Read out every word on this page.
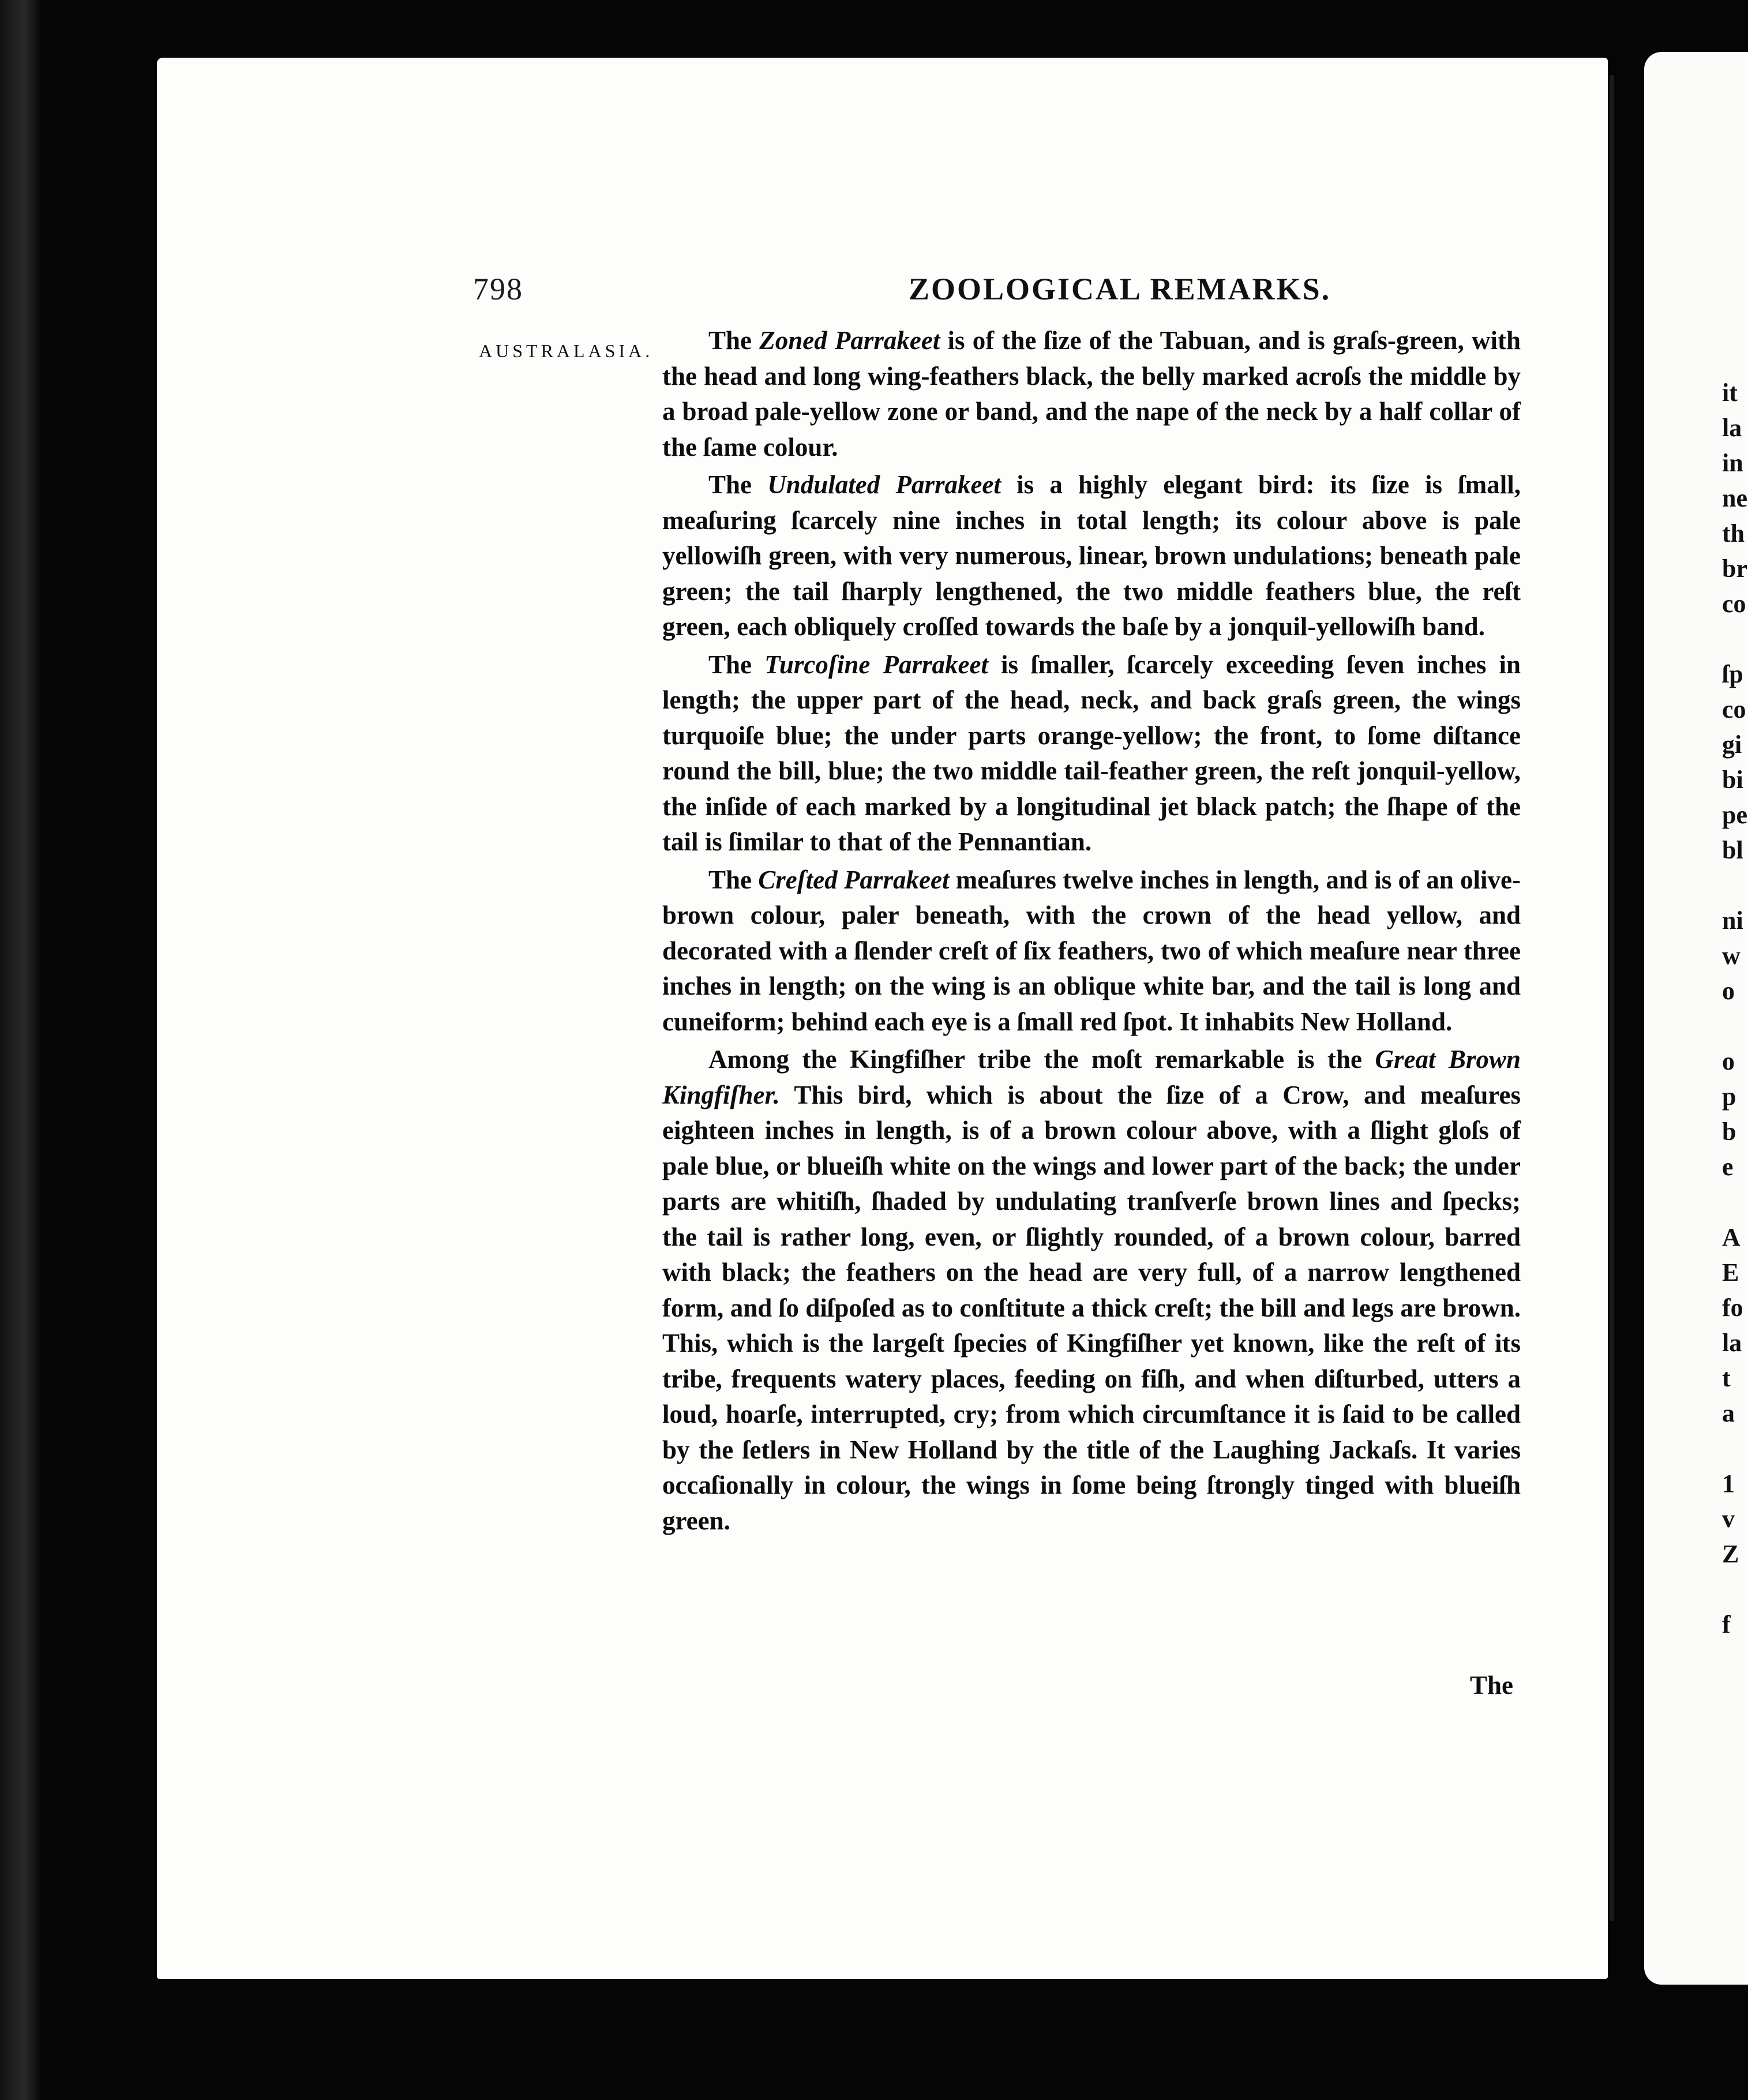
798	ZOOLOGICAL REMARKS.
AUSTRALASIA.	The Zoned Parrakeet is of the ſize of the Tabuan, and is graſs-green, with the head and long wing-feathers black, the belly marked acroſs the middle by a broad pale-yellow zone or band, and the nape of the neck by a half collar of the ſame colour.

The Undulated Parrakeet is a highly elegant bird: its ſize is ſmall, meaſuring ſcarcely nine inches in total length; its colour above is pale yellowiſh green, with very numerous, linear, brown undulations; beneath pale green; the tail ſharply lengthened, the two middle feathers blue, the reſt green, each obliquely croſſed towards the baſe by a jonquil-yellowiſh band.

The Turcoſine Parrakeet is ſmaller, ſcarcely exceeding ſeven inches in length; the upper part of the head, neck, and back graſs green, the wings turquoiſe blue; the under parts orange-yellow; the front, to ſome diſtance round the bill, blue; the two middle tail-feather green, the reſt jonquil-yellow, the inſide of each marked by a longitudinal jet black patch; the ſhape of the tail is ſimilar to that of the Pennantian.

The Creſted Parrakeet meaſures twelve inches in length, and is of an olive-brown colour, paler beneath, with the crown of the head yellow, and decorated with a ſlender creſt of ſix feathers, two of which meaſure near three inches in length; on the wing is an oblique white bar, and the tail is long and cuneiform; behind each eye is a ſmall red ſpot. It inhabits New Holland.

Among the Kingfiſher tribe the moſt remarkable is the Great Brown Kingfiſher. This bird, which is about the ſize of a Crow, and meaſures eighteen inches in length, is of a brown colour above, with a ſlight gloſs of pale blue, or blueiſh white on the wings and lower part of the back; the under parts are whitiſh, ſhaded by undulating tranſverſe brown lines and ſpecks; the tail is rather long, even, or ſlightly rounded, of a brown colour, barred with black; the feathers on the head are very full, of a narrow lengthened form, and ſo diſpoſed as to conſtitute a thick creſt; the bill and legs are brown. This, which is the largeſt ſpecies of Kingfiſher yet known, like the reſt of its tribe, frequents watery places, feeding on fiſh, and when diſturbed, utters a loud, hoarſe, interrupted, cry; from which circumſtance it is ſaid to be called by the ſetlers in New Holland by the title of the Laughing Jackaſs. It varies occaſionally in colour, the wings in ſome being ſtrongly tinged with blueiſh green.

The
it
la
in
ne
th
br
co

ſp
co
gi
bi
pe
bl

ni
w
o

o
p
b
e

A
E
fo
la
t
a

1
v
Z

f
